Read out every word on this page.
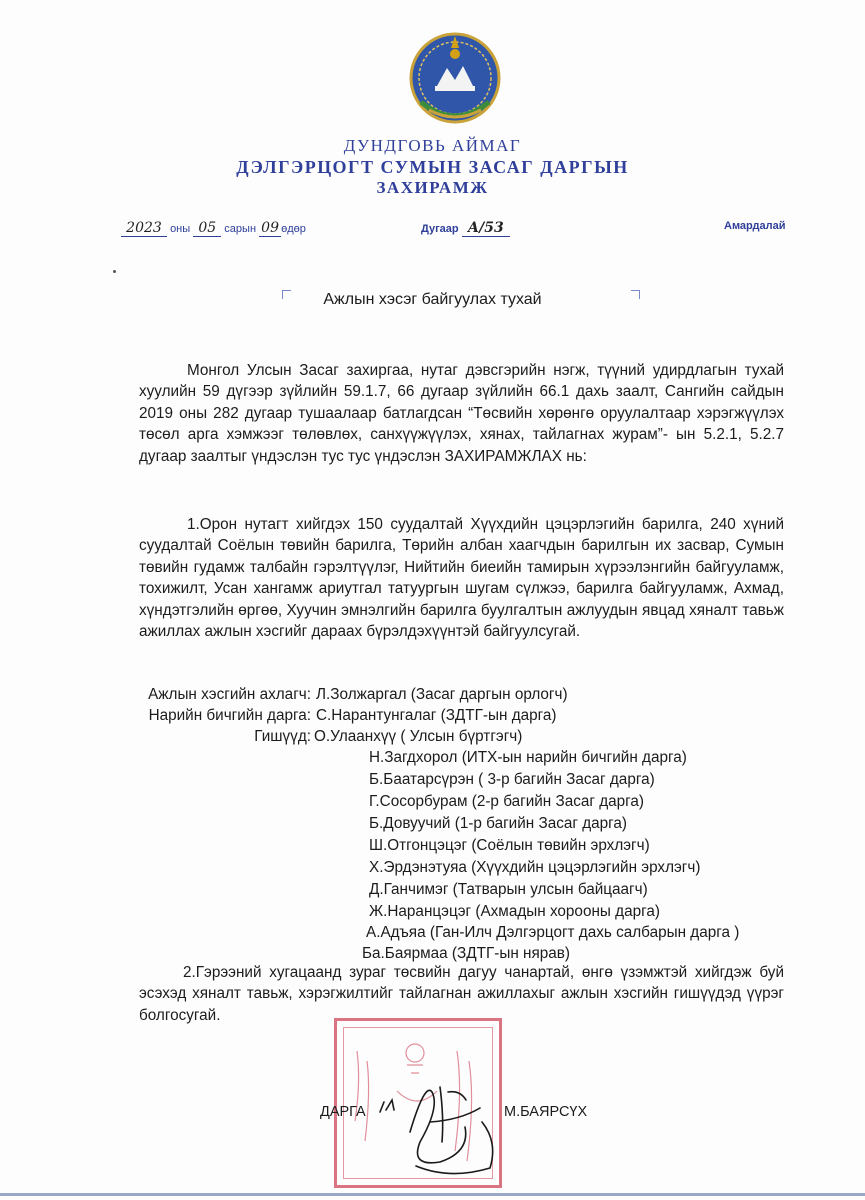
ДУНДГОВЬ АЙМАГ
ДЭЛГЭРЦОГТ СУМЫН ЗАСАГ ДАРГЫН
ЗАХИРАМЖ
2023 оны 05 сарын 09 өдөр	Дугаар А/53	Амардалай
Ажлын хэсэг байгуулах тухай
Монгол Улсын Засаг захиргаа, нутаг дэвсгэрийн нэгж, түүний удирдлагын тухай хуулийн 59 дүгээр зүйлийн 59.1.7, 66 дугаар зүйлийн 66.1 дахь заалт, Сангийн сайдын 2019 оны 282 дугаар тушаалаар батлагдсан “Төсвийн хөрөнгө оруулалтаар хэрэгжүүлэх төсөл арга хэмжээг төлөвлөх, санхүүжүүлэх, хянах, тайлагнах журам”- ын 5.2.1, 5.2.7 дугаар заалтыг үндэслэн тус тус үндэслэн ЗАХИРАМЖЛАХ нь:
1.Орон нутагт хийгдэх 150 суудалтай Хүүхдийн цэцэрлэгийн барилга, 240 хүний суудалтай Соёлын төвийн барилга, Төрийн албан хаагчдын барилгын их засвар, Сумын төвийн гудамж талбайн гэрэлтүүлэг, Нийтийн биеийн тамирын хүрээлэнгийн байгууламж, тохижилт, Усан хангамж ариутгал татуургын шугам сүлжээ, барилга байгууламж, Ахмад, хүндэтгэлийн өргөө, Хуучин эмнэлгийн барилга буулгалтын ажлуудын явцад хяналт тавьж ажиллах ажлын хэсгийг дараах бүрэлдэхүүнтэй байгуулсугай.
Ажлын хэсгийн ахлагч: Л.Золжаргал (Засаг даргын орлогч)
Нарийн бичгийн дарга: С.Нарантунгалаг (ЗДТГ-ын дарга)
Гишүүд: О.Улаанхүү ( Улсын бүртгэгч)
Н.Загдхорол (ИТХ-ын нарийн бичгийн дарга)
Б.Баатарсүрэн ( 3-р багийн Засаг дарга)
Г.Сосорбурам (2-р багийн Засаг дарга)
Б.Довуучий (1-р багийн Засаг дарга)
Ш.Отгонцэцэг (Соёлын төвийн эрхлэгч)
Х.Эрдэнэтуяа (Хүүхдийн цэцэрлэгийн эрхлэгч)
Д.Ганчимэг (Татварын улсын байцаагч)
Ж.Наранцэцэг (Ахмадын хорооны дарга)
А.Адъяа (Ган-Илч Дэлгэрцогт дахь салбарын дарга )
Ба.Баярмаа (ЗДТГ-ын нярав)
2.Гэрээний хугацаанд зураг төсвийн дагуу чанартай, өнгө үзэмжтэй хийгдэж буй эсэхэд хяналт тавьж, хэрэгжилтийг тайлагнан ажиллахыг ажлын хэсгийн гишүүдэд үүрэг болгосугай.
ДАРГА	М.БАЯРСҮХ
